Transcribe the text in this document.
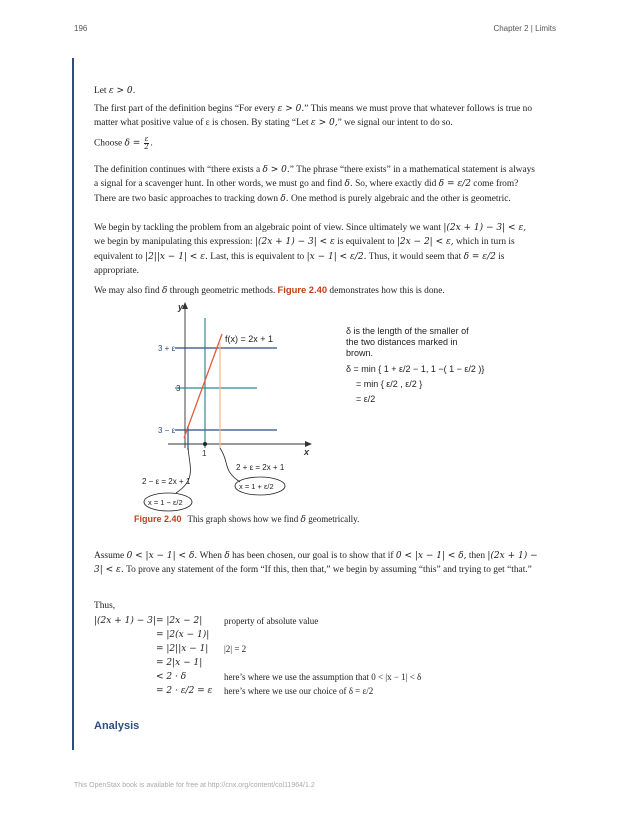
196	Chapter 2 | Limits

Let ε > 0.

The first part of the definition begins “For every ε > 0.” This means we must prove that whatever follows is true no matter what positive value of ε is chosen. By stating “Let ε > 0,” we signal our intent to do so.

Choose $\delta = \frac{\varepsilon}{2}$ .

The definition continues with “there exists a δ > 0.” The phrase “there exists” in a mathematical statement is always a signal for a scavenger hunt. In other words, we must go and find δ. So, where exactly did δ = ε/2 come from? There are two basic approaches to tracking down δ. One method is purely algebraic and the other is geometric.

We begin by tackling the problem from an algebraic point of view. Since ultimately we want |(2x + 1) − 3| < ε, we begin by manipulating this expression: |(2x + 1) − 3| < ε is equivalent to |2x − 2| < ε, which in turn is equivalent to |2||x − 1| < ε. Last, this is equivalent to |x − 1| < ε/2. Thus, it would seem that δ = ε/2 is appropriate.

We may also find δ through geometric methods. Figure 2.40 demonstrates how this is done.

y
x
3 + ε
3
3 − ε
1
f(x) = 2x + 1
2 − ε = 2x + 1
x = 1 − ε/2
2 + ε = 2x + 1
x = 1 + ε/2
δ is the length of the smaller of
the two distances marked in
brown.
δ = min { 1 + ε/2 − 1, 1 −( 1 − ε/2 )}
= min { ε/2 , ε/2 }
= ε/2
Figure 2.40 This graph shows how we find δ geometrically.

Assume 0 < |x − 1| < δ. When δ has been chosen, our goal is to show that if 0 < |x − 1| < δ, then |(2x + 1) − 3| < ε. To prove any statement of the form “If this, then that,” we begin by assuming “this” and trying to get “that.”

Thus,

|(2x + 1) − 3| = |2x − 2|	property of absolute value
= |2(x − 1)|
= |2||x − 1|	|2| = 2
= 2|x − 1|
< 2 · δ	here’s where we use the assumption that 0 < |x − 1| < δ
= 2 · ε/2 = ε	here’s where we use our choice of δ = ε/2
Analysis
This OpenStax book is available for free at http://cnx.org/content/col11964/1.2
